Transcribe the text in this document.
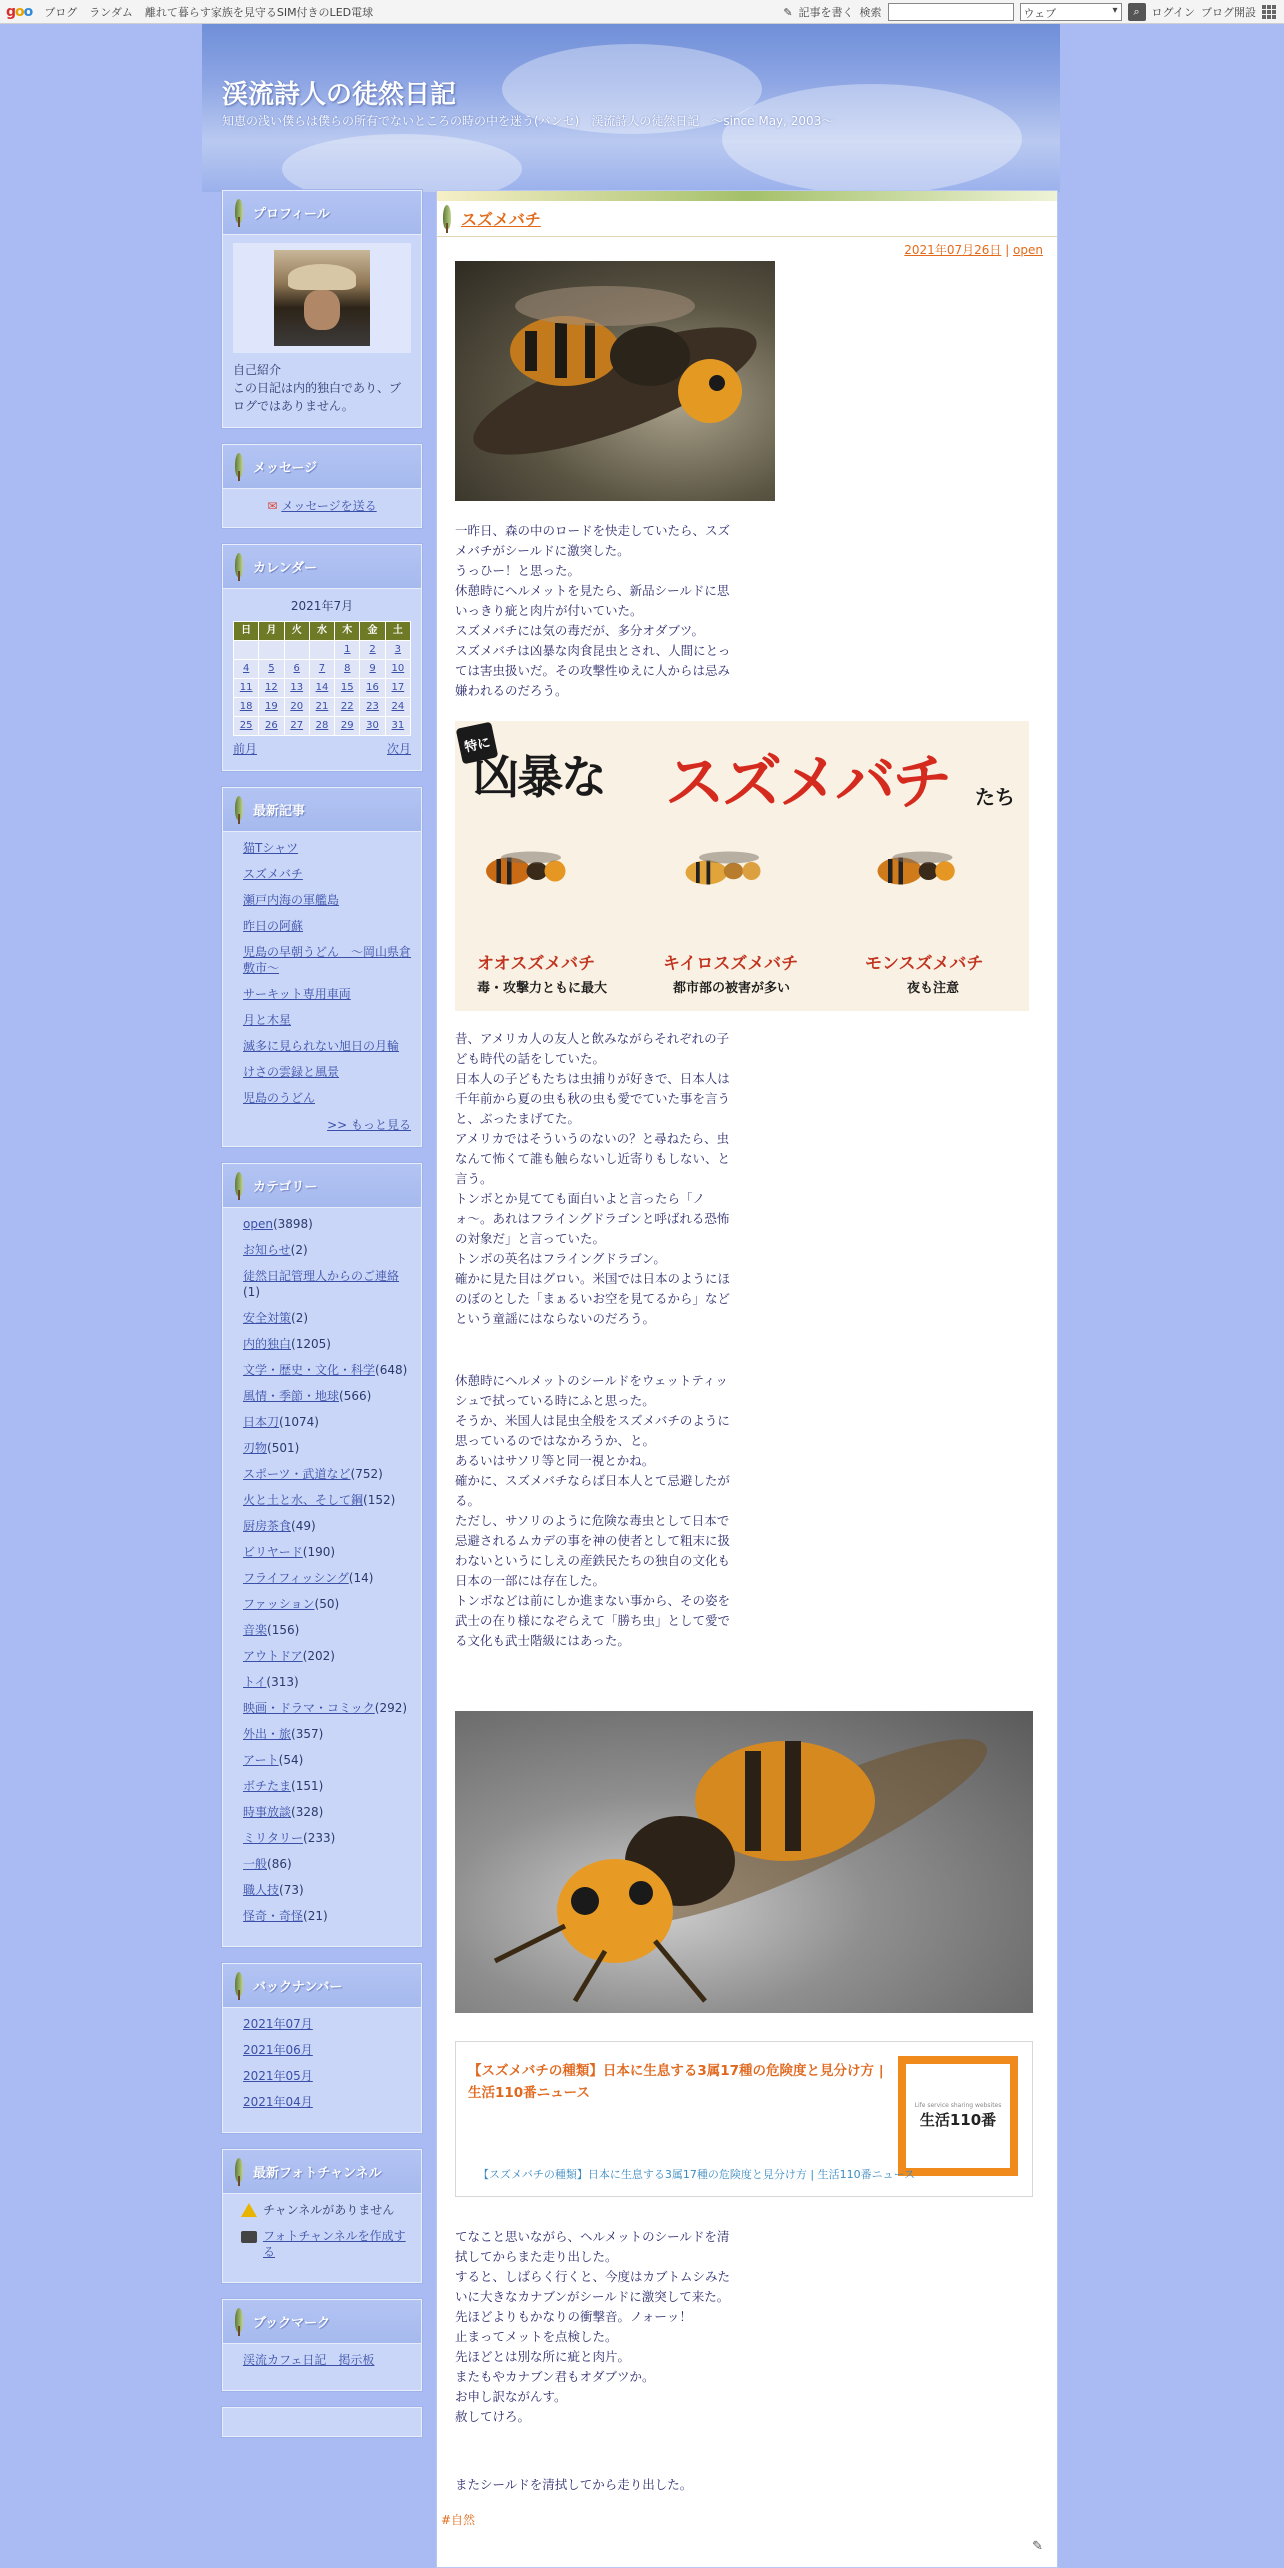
goo ブログ ランダム 離れて暮らす家族を見守るSIM付きのLED電球	✎ 記事を書く 検索	ウェブ ▾	⌕ ログイン ブログ開設
渓流詩人の徒然日記
知恵の浅い僕らは僕らの所有でないところの時の中を迷う(パンセ)　渓流詩人の徒然日記　～since May, 2003～
プロフィール
自己紹介
この日記は内的独白であり、ブログではありません。
メッセージ
✉ メッセージを送る
カレンダー
2021年7月
日	月	火	水	木	金	土
				1	2	3
4	5	6	7	8	9	10
11	12	13	14	15	16	17
18	19	20	21	22	23	24
25	26	27	28	29	30	31
前月	次月
最新記事
猫Tシャツ
スズメバチ
瀬戸内海の軍艦島
昨日の阿蘇
児島の早朝うどん　～岡山県倉敷市～
サーキット専用車両
月と木星
滅多に見られない旭日の月輪
けさの雲録と風景
児島のうどん
>> もっと見る
カテゴリー
open(3898)
お知らせ(2)
徒然日記管理人からのご連絡(1)
安全対策(2)
内的独白(1205)
文学・歴史・文化・科学(648)
風情・季節・地球(566)
日本刀(1074)
刃物(501)
スポーツ・武道など(752)
火と土と水、そして鋼(152)
厨房茶食(49)
ビリヤード(190)
フライフィッシング(14)
ファッション(50)
音楽(156)
アウトドア(202)
トイ(313)
映画・ドラマ・コミック(292)
外出・旅(357)
アート(54)
ボチたま(151)
時事放談(328)
ミリタリー(233)
一般(86)
職人技(73)
怪奇・奇怪(21)
バックナンバー
2021年07月
2021年06月
2021年05月
2021年04月
最新フォトチャンネル
チャンネルがありません
フォトチャンネルを作成する
ブックマーク
渓流カフェ日記　掲示板
スズメバチ
2021年07月26日 | open
一昨日、森の中のロードを快走していたら、スズメバチがシールドに激突した。
うっひー！と思った。
休憩時にヘルメットを見たら、新品シールドに思いっきり疵と肉片が付いていた。
スズメバチには気の毒だが、多分オダブツ。
スズメバチは凶暴な肉食昆虫とされ、人間にとっては害虫扱いだ。その攻撃性ゆえに人からは忌み嫌われるのだろう。
特に
凶暴な スズメバチ たち
オオスズメバチ
毒・攻撃力ともに最大
キイロスズメバチ
都市部の被害が多い
モンスズメバチ
夜も注意
昔、アメリカ人の友人と飲みながらそれぞれの子ども時代の話をしていた。
日本人の子どもたちは虫捕りが好きで、日本人は千年前から夏の虫も秋の虫も愛でていた事を言うと、ぶったまげてた。
アメリカではそういうのないの？と尋ねたら、虫なんて怖くて誰も触らないし近寄りもしない、と言う。
トンボとか見てても面白いよと言ったら「ノォ〜。あれはフライングドラゴンと呼ばれる恐怖の対象だ」と言っていた。
トンボの英名はフライングドラゴン。
確かに見た目はグロい。米国では日本のようにほのぼのとした「まぁるいお空を見てるから」などという童謡にはならないのだろう。
休憩時にヘルメットのシールドをウェットティッシュで拭っている時にふと思った。
そうか、米国人は昆虫全般をスズメバチのように思っているのではなかろうか、と。
あるいはサソリ等と同一視とかね。
確かに、スズメバチならば日本人とて忌避したがる。
ただし、サソリのように危険な毒虫として日本で忌避されるムカデの事を神の使者として粗末に扱わないというにしえの産鉄民たちの独自の文化も日本の一部には存在した。
トンボなどは前にしか進まない事から、その姿を武士の在り様になぞらえて「勝ち虫」として愛でる文化も武士階級にはあった。
【スズメバチの種類】日本に生息する3属17種の危険度と見分け方 | 生活110番ニュース
Life service sharing websites
生活110番
【スズメバチの種類】日本に生息する3属17種の危険度と見分け方 | 生活110番ニュース
てなこと思いながら、ヘルメットのシールドを清拭してからまた走り出した。
すると、しばらく行くと、今度はカブトムシみたいに大きなカナブンがシールドに激突して来た。
先ほどよりもかなりの衝撃音。ノォーッ！
止まってメットを点検した。
先ほどとは別な所に疵と肉片。
またもやカナブン君もオダブツか。
お申し訳ながんす。
赦してけろ。
またシールドを清拭してから走り出した。
#自然
✎
